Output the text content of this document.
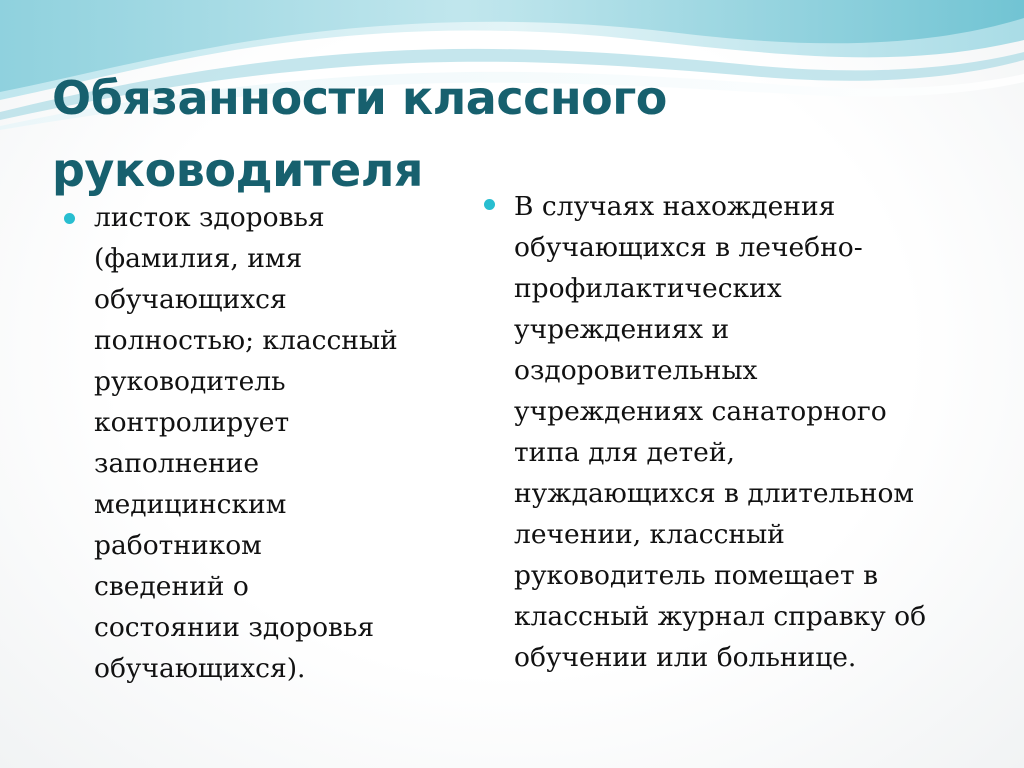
Обязанности классного
руководителя
листок здоровья
(фамилия, имя
обучающихся
полностью; классный
руководитель
контролирует
заполнение
медицинским
работником
сведений о
состоянии здоровья
обучающихся).
В случаях нахождения
обучающихся в лечебно-
профилактических
учреждениях и
оздоровительных
учреждениях санаторного
типа для детей,
нуждающихся в длительном
лечении, классный
руководитель помещает в
классный журнал справку об
обучении или больнице.
